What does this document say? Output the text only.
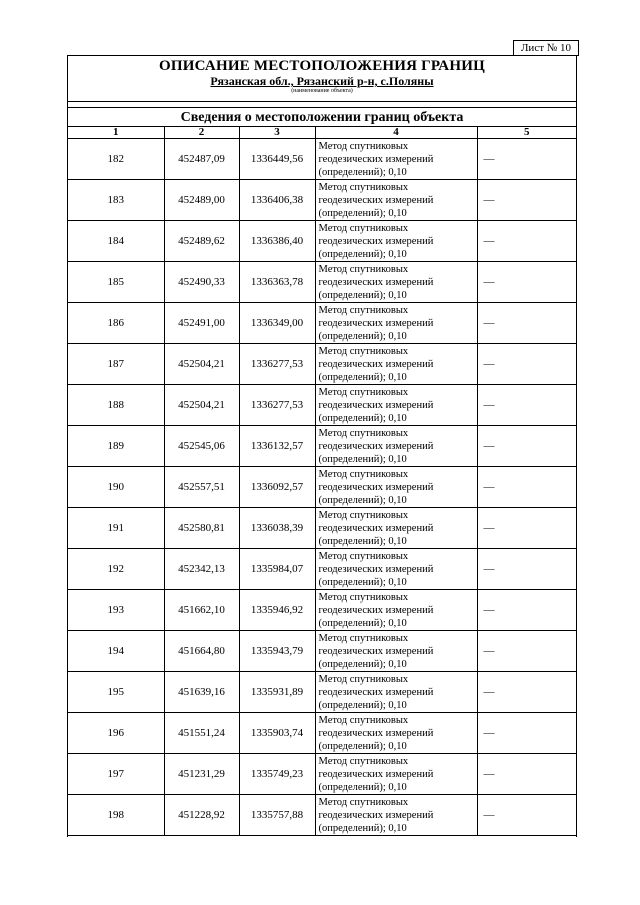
Лист № 10
ОПИСАНИЕ МЕСТОПОЛОЖЕНИЯ ГРАНИЦ
Рязанская обл., Рязанский р-н, с.Поляны
(наименование объекта)
Сведения о местоположении границ объекта
1	2	3	4	5
182	452487,09	1336449,56	Метод спутниковых
геодезических измерений
(определений); 0,10	—
183	452489,00	1336406,38	Метод спутниковых
геодезических измерений
(определений); 0,10	—
184	452489,62	1336386,40	Метод спутниковых
геодезических измерений
(определений); 0,10	—
185	452490,33	1336363,78	Метод спутниковых
геодезических измерений
(определений); 0,10	—
186	452491,00	1336349,00	Метод спутниковых
геодезических измерений
(определений); 0,10	—
187	452504,21	1336277,53	Метод спутниковых
геодезических измерений
(определений); 0,10	—
188	452504,21	1336277,53	Метод спутниковых
геодезических измерений
(определений); 0,10	—
189	452545,06	1336132,57	Метод спутниковых
геодезических измерений
(определений); 0,10	—
190	452557,51	1336092,57	Метод спутниковых
геодезических измерений
(определений); 0,10	—
191	452580,81	1336038,39	Метод спутниковых
геодезических измерений
(определений); 0,10	—
192	452342,13	1335984,07	Метод спутниковых
геодезических измерений
(определений); 0,10	—
193	451662,10	1335946,92	Метод спутниковых
геодезических измерений
(определений); 0,10	—
194	451664,80	1335943,79	Метод спутниковых
геодезических измерений
(определений); 0,10	—
195	451639,16	1335931,89	Метод спутниковых
геодезических измерений
(определений); 0,10	—
196	451551,24	1335903,74	Метод спутниковых
геодезических измерений
(определений); 0,10	—
197	451231,29	1335749,23	Метод спутниковых
геодезических измерений
(определений); 0,10	—
198	451228,92	1335757,88	Метод спутниковых
геодезических измерений
(определений); 0,10	—
